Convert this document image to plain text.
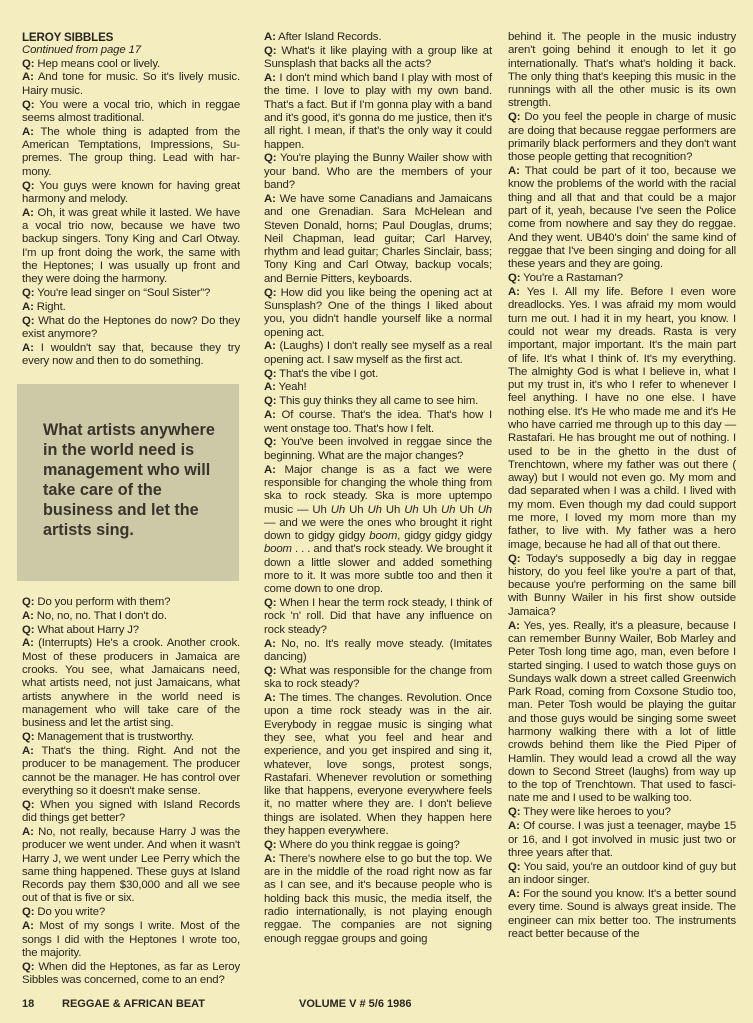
LEROY SIBBLES
Continued from page 17

Q: Hep means cool or lively.

A: And tone for music. So it's lively music. Hairy music.

Q: You were a vocal trio, which in reggae seems almost traditional.

A: The whole thing is adapted from the American Temptations, Impressions, Supremes. The group thing. Lead with harmony.

Q: You guys were known for having great harmony and melody.

A: Oh, it was great while it lasted. We have a vocal trio now, because we have two backup singers. Tony King and Carl Otway. I'm up front doing the work, the same with the Heptones; I was usually up front and they were doing the harmony.

Q: You're lead singer on “Soul Sister”?

A: Right.

Q: What do the Heptones do now? Do they exist anymore?

A: I wouldn't say that, because they try every now and then to do something.

What artists anywhere in the world need is management who will take care of the business and let the artists sing.

Q: Do you perform with them?

A: No, no, no. That I don't do.

Q: What about Harry J?

A: (Interrupts) He's a crook. Another crook. Most of these producers in Jamaica are crooks. You see, what Jamaicans need, what artists need, not just Jamaicans, what artists anywhere in the world need is management who will take care of the business and let the artist sing.

Q: Management that is trustworthy.

A: That's the thing. Right. And not the producer to be management. The producer cannot be the manager. He has control over everything so it doesn't make sense.

Q: When you signed with Island Records did things get better?

A: No, not really, because Harry J was the producer we went under. And when it wasn't Harry J, we went under Lee Perry which the same thing happened. These guys at Island Records pay them $30,000 and all we see out of that is five or six.

Q: Do you write?

A: Most of my songs I write. Most of the songs I did with the Heptones I wrote too, the majority.

Q: When did the Heptones, as far as Leroy Sibbles was concerned, come to an end?

A: After Island Records.

Q: What's it like playing with a group like at Sunsplash that backs all the acts?

A: I don't mind which band I play with most of the time. I love to play with my own band. That's a fact. But if I'm gonna play with a band and it's good, it's gonna do me justice, then it's all right. I mean, if that's the only way it could happen.

Q: You're playing the Bunny Wailer show with your band. Who are the members of your band?

A: We have some Canadians and Jamaicans and one Grenadian. Sara McHelean and Steven Donald, horns; Paul Douglas, drums; Neil Chapman, lead guitar; Carl Harvey, rhythm and lead guitar; Charles Sinclair, bass; Tony King and Carl Otway, backup vocals; and Bernie Pitters, keyboards.

Q: How did you like being the opening act at Sunsplash? One of the things I liked about you, you didn't handle yourself like a normal opening act.

A: (Laughs) I don't really see myself as a real opening act. I saw myself as the first act.

Q: That's the vibe I got.

A: Yeah!

Q: This guy thinks they all came to see him.

A: Of course. That's the idea. That's how I went onstage too. That's how I felt.

Q: You've been involved in reggae since the beginning. What are the major changes?

A: Major change is as a fact we were responsible for changing the whole thing from ska to rock steady. Ska is more uptempo music — Uh Uh Uh Uh Uh Uh Uh Uh Uh Uh — and we were the ones who brought it right down to gidgy gidgy boom, gidgy gidgy gidgy boom . . . and that's rock steady. We brought it down a little slower and added something more to it. It was more subtle too and then it come down to one drop.

Q: When I hear the term rock steady, I think of rock 'n' roll. Did that have any influence on rock steady?

A: No, no. It's really move steady. (Imitates dancing)

Q: What was responsible for the change from ska to rock steady?

A: The times. The changes. Revolution. Once upon a time rock steady was in the air. Everybody in reggae music is singing what they see, what you feel and hear and experience, and you get inspired and sing it, whatever, love songs, protest songs, Rastafari. Whenever revolution or something like that happens, everyone everywhere feels it, no matter where they are. I don't believe things are isolated. When they happen here they happen everywhere.

Q: Where do you think reggae is going?

A: There's nowhere else to go but the top. We are in the middle of the road right now as far as I can see, and it's because people who is holding back this music, the media itself, the radio internationally, is not playing enough reggae. The companies are not signing enough reggae groups and going

behind it. The people in the music industry aren't going behind it enough to let it go internationally. That's what's holding it back. The only thing that's keeping this music in the runnings with all the other music is its own strength.

Q: Do you feel the people in charge of music are doing that because reggae performers are primarily black performers and they don't want those people getting that recognition?

A: That could be part of it too, because we know the problems of the world with the racial thing and all that and that could be a major part of it, yeah, because I've seen the Police come from nowhere and say they do reggae. And they went. UB40's doin' the same kind of reggae that I've been singing and doing for all these years and they are going.

Q: You're a Rastaman?

A: Yes I. All my life. Before I even wore dreadlocks. Yes. I was afraid my mom would turn me out. I had it in my heart, you know. I could not wear my dreads. Rasta is very important, major important. It's the main part of life. It's what I think of. It's my everything. The almighty God is what I believe in, what I put my trust in, it's who I refer to whenever I feel anything. I have no one else. I have nothing else. It's He who made me and it's He who have carried me through up to this day — Rastafari. He has brought me out of nothing. I used to be in the ghetto in the dust of Trenchtown, where my father was out there ( away) but I would not even go. My mom and dad separated when I was a child. I lived with my mom. Even though my dad could support me more, I loved my mom more than my father, to live with. My father was a hero image, because he had all of that out there.

Q: Today's supposedly a big day in reggae history, do you feel like you're a part of that, because you're performing on the same bill with Bunny Wailer in his first show outside Jamaica?

A: Yes, yes. Really, it's a pleasure, because I can remember Bunny Wailer, Bob Marley and Peter Tosh long time ago, man, even before I started singing. I used to watch those guys on Sundays walk down a street called Greenwich Park Road, coming from Coxsone Studio too, man. Peter Tosh would be playing the guitar and those guys would be singing some sweet harmony walking there with a lot of little crowds behind them like the Pied Piper of Hamlin. They would lead a crowd all the way down to Second Street (laughs) from way up to the top of Trenchtown. That used to fascinate me and I used to be walking too.

Q: They were like heroes to you?

A: Of course. I was just a teenager, maybe 15 or 16, and I got involved in music just two or three years after that.

Q: You said, you're an outdoor kind of guy but an indoor singer.

A: For the sound you know. It's a better sound every time. Sound is always great inside. The engineer can mix better too. The instruments react better because of the

18	REGGAE & AFRICAN BEAT	VOLUME V # 5/6 1986
